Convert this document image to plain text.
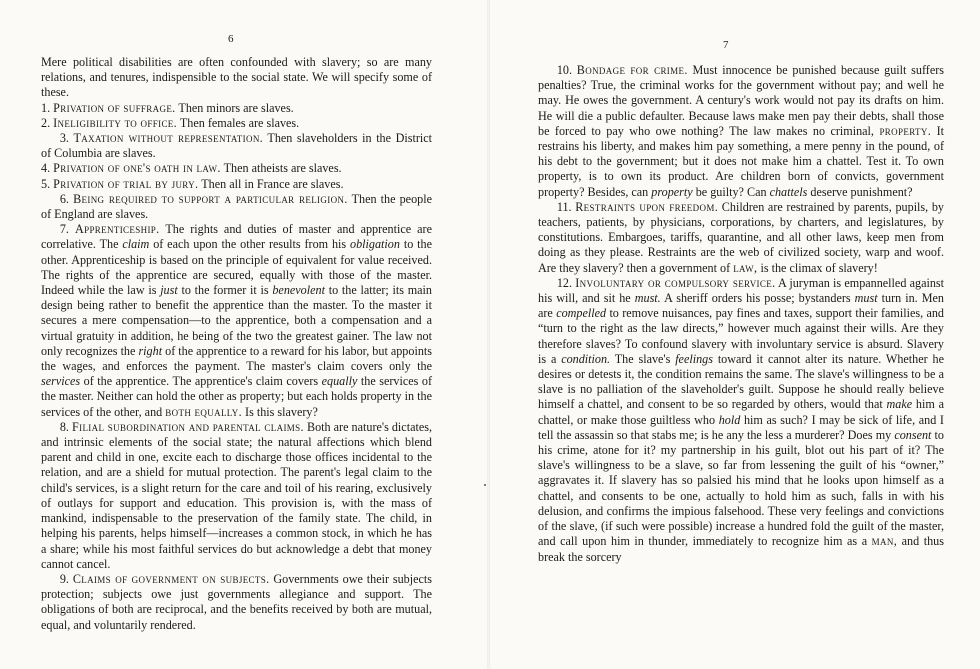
6

Mere political disabilities are often confounded with slavery; so are many relations, and tenures, indispensible to the social state. We will specify some of these.

1. Privation of suffrage. Then minors are slaves.

2. Ineligibility to office. Then females are slaves.

3. Taxation without representation. Then slaveholders in the District of Columbia are slaves.

4. Privation of one's oath in law. Then atheists are slaves.

5. Privation of trial by jury. Then all in France are slaves.

6. Being required to support a particular religion. Then the people of England are slaves.

7. Apprenticeship. The rights and duties of master and apprentice are correlative. The claim of each upon the other results from his obligation to the other. Apprenticeship is based on the principle of equivalent for value received. The rights of the apprentice are secured, equally with those of the master. Indeed while the law is just to the former it is benevolent to the latter; its main design being rather to benefit the apprentice than the master. To the master it secures a mere compensation—to the apprentice, both a compensation and a virtual gratuity in addition, he being of the two the greatest gainer. The law not only recognizes the right of the apprentice to a reward for his labor, but appoints the wages, and enforces the payment. The master's claim covers only the services of the apprentice. The apprentice's claim covers equally the services of the master. Neither can hold the other as property; but each holds property in the services of the other, and both equally. Is this slavery?

8. Filial subordination and parental claims. Both are nature's dictates, and intrinsic elements of the social state; the natural affections which blend parent and child in one, excite each to discharge those offices incidental to the relation, and are a shield for mutual protection. The parent's legal claim to the child's services, is a slight return for the care and toil of his rearing, exclusively of outlays for support and education. This provision is, with the mass of mankind, indispensable to the preservation of the family state. The child, in helping his parents, helps himself—increases a common stock, in which he has a share; while his most faithful services do but acknowledge a debt that money cannot cancel.

9. Claims of government on subjects. Governments owe their subjects protection; subjects owe just governments allegiance and support. The obligations of both are reciprocal, and the benefits received by both are mutual, equal, and voluntarily rendered.

7

10. Bondage for crime. Must innocence be punished because guilt suffers penalties? True, the criminal works for the government without pay; and well he may. He owes the government. A century's work would not pay its drafts on him. He will die a public defaulter. Because laws make men pay their debts, shall those be forced to pay who owe nothing? The law makes no criminal, property. It restrains his liberty, and makes him pay something, a mere penny in the pound, of his debt to the government; but it does not make him a chattel. Test it. To own property, is to own its product. Are children born of convicts, government property? Besides, can property be guilty? Can chattels deserve punishment?

11. Restraints upon freedom. Children are restrained by parents, pupils, by teachers, patients, by physicians, corporations, by charters, and legislatures, by constitutions. Embargoes, tariffs, quarantine, and all other laws, keep men from doing as they please. Restraints are the web of civilized society, warp and woof. Are they slavery? then a government of law, is the climax of slavery!

12. Involuntary or compulsory service. A juryman is empannelled against his will, and sit he must. A sheriff orders his posse; bystanders must turn in. Men are compelled to remove nuisances, pay fines and taxes, support their families, and “turn to the right as the law directs,” however much against their wills. Are they therefore slaves? To confound slavery with involuntary service is absurd. Slavery is a condition. The slave's feelings toward it cannot alter its nature. Whether he desires or detests it, the condition remains the same. The slave's willingness to be a slave is no palliation of the slaveholder's guilt. Suppose he should really believe himself a chattel, and consent to be so regarded by others, would that make him a chattel, or make those guiltless who hold him as such? I may be sick of life, and I tell the assassin so that stabs me; is he any the less a murderer? Does my consent to his crime, atone for it? my partnership in his guilt, blot out his part of it? The slave's willingness to be a slave, so far from lessening the guilt of his “owner,” aggravates it. If slavery has so palsied his mind that he looks upon himself as a chattel, and consents to be one, actually to hold him as such, falls in with his delusion, and confirms the impious falsehood. These very feelings and convictions of the slave, (if such were possible) increase a hundred fold the guilt of the master, and call upon him in thunder, immediately to recognize him as a man, and thus break the sorcery
